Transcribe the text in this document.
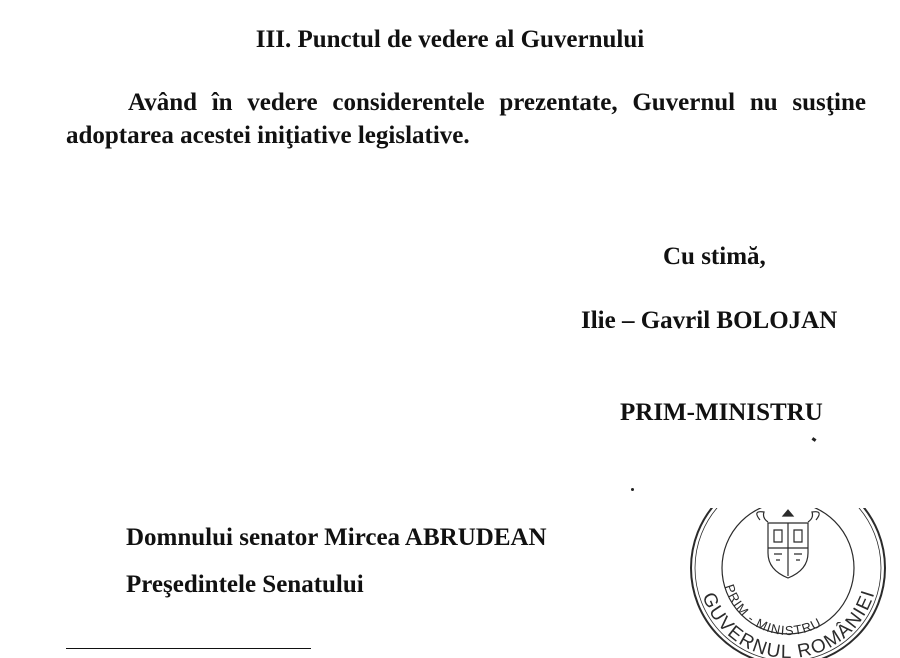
III. Punctul de vedere al Guvernului
Având în vedere considerentele prezentate, Guvernul nu susţine adoptarea acestei iniţiative legislative.
Cu stimă,
Ilie – Gavril BOLOJAN
PRIM-MINISTRU
Domnului senator Mircea ABRUDEAN
Preşedintele Senatului
GUVERNUL ROMÂNIEI
PRIM - MINISTRU
